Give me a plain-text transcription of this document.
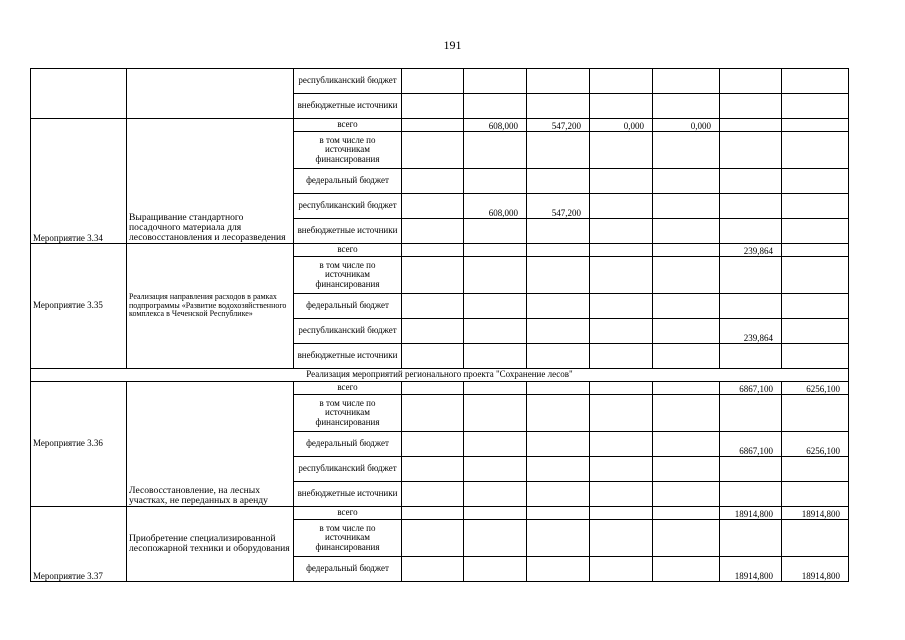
191
		республиканский бюджет							
		внебюджетные источники							
Мероприятие 3.34	Выращивание стандартного посадочного материала для лесовосстановления и лесоразведения	всего		608,000	547,200	0,000	0,000		
		в том числе по источникам финансирования							
		федеральный бюджет							
		республиканский бюджет		608,000	547,200				
		внебюджетные источники							
Мероприятие 3.35	Реализация направления расходов в рамках подпрограммы «Развитие водохозяйственного комплекса в Чеченской Республике»	всего						239,864	
		в том числе по источникам финансирования							
		федеральный бюджет							
		республиканский бюджет						239,864	
		внебюджетные источники							
Реализация мероприятий регионального проекта "Сохранение лесов"									
Мероприятие 3.36	Лесовосстановление, на лесных участках, не переданных в аренду	всего						6867,100	6256,100
		в том числе по источникам финансирования							
		федеральный бюджет						6867,100	6256,100
		республиканский бюджет							
		внебюджетные источники							
Мероприятие 3.37	Приобретение специализированной лесопожарной техники и оборудования	всего						18914,800	18914,800
		в том числе по источникам финансирования							
		федеральный бюджет						18914,800	18914,800
